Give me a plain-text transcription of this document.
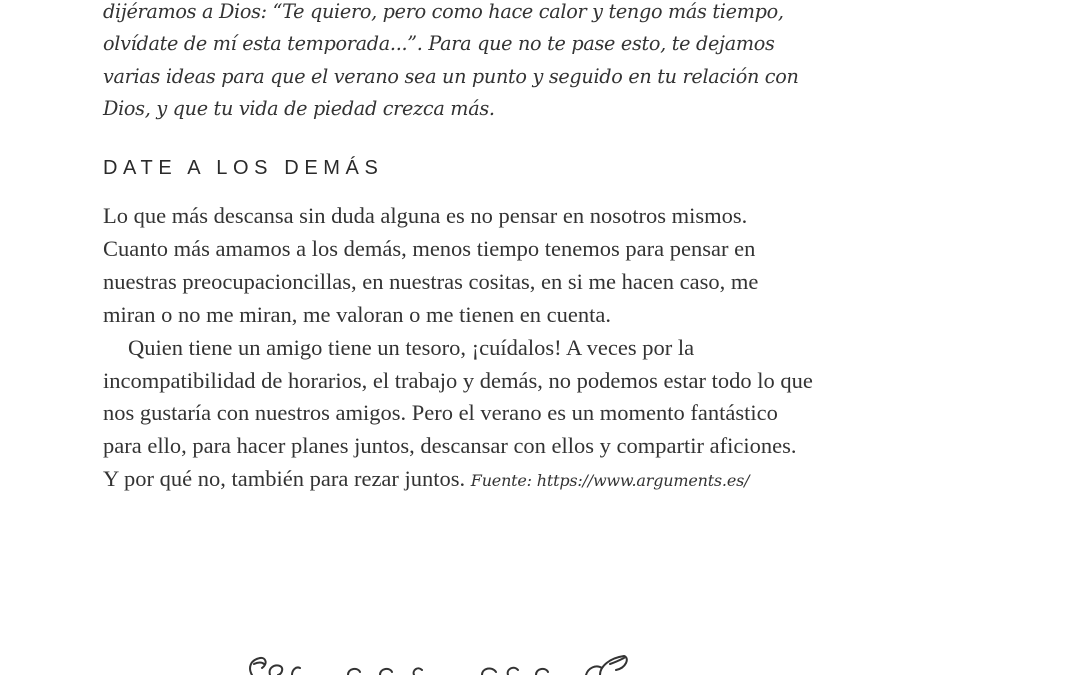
dijéramos a Dios: “Te quiero, pero como hace calor y tengo más tiempo, olvídate de mí esta temporada...”. Para que no te pase esto, te dejamos varias ideas para que el verano sea un punto y seguido en tu relación con Dios, y que tu vida de piedad crezca más.

DATE A LOS DEMÁS

Lo que más descansa sin duda alguna es no pensar en nosotros mismos. Cuanto más amamos a los demás, menos tiempo tenemos para pensar en nuestras preocupacioncillas, en nuestras cositas, en si me hacen caso, me miran o no me miran, me valoran o me tienen en cuenta.

Quien tiene un amigo tiene un tesoro, ¡cuídalos! A veces por la incompatibilidad de horarios, el trabajo y demás, no podemos estar todo lo que nos gustaría con nuestros amigos. Pero el verano es un momento fantástico para ello, para hacer planes juntos, descansar con ellos y compartir aficiones. Y por qué no, también para rezar juntos. Fuente: https://www.arguments.es/
